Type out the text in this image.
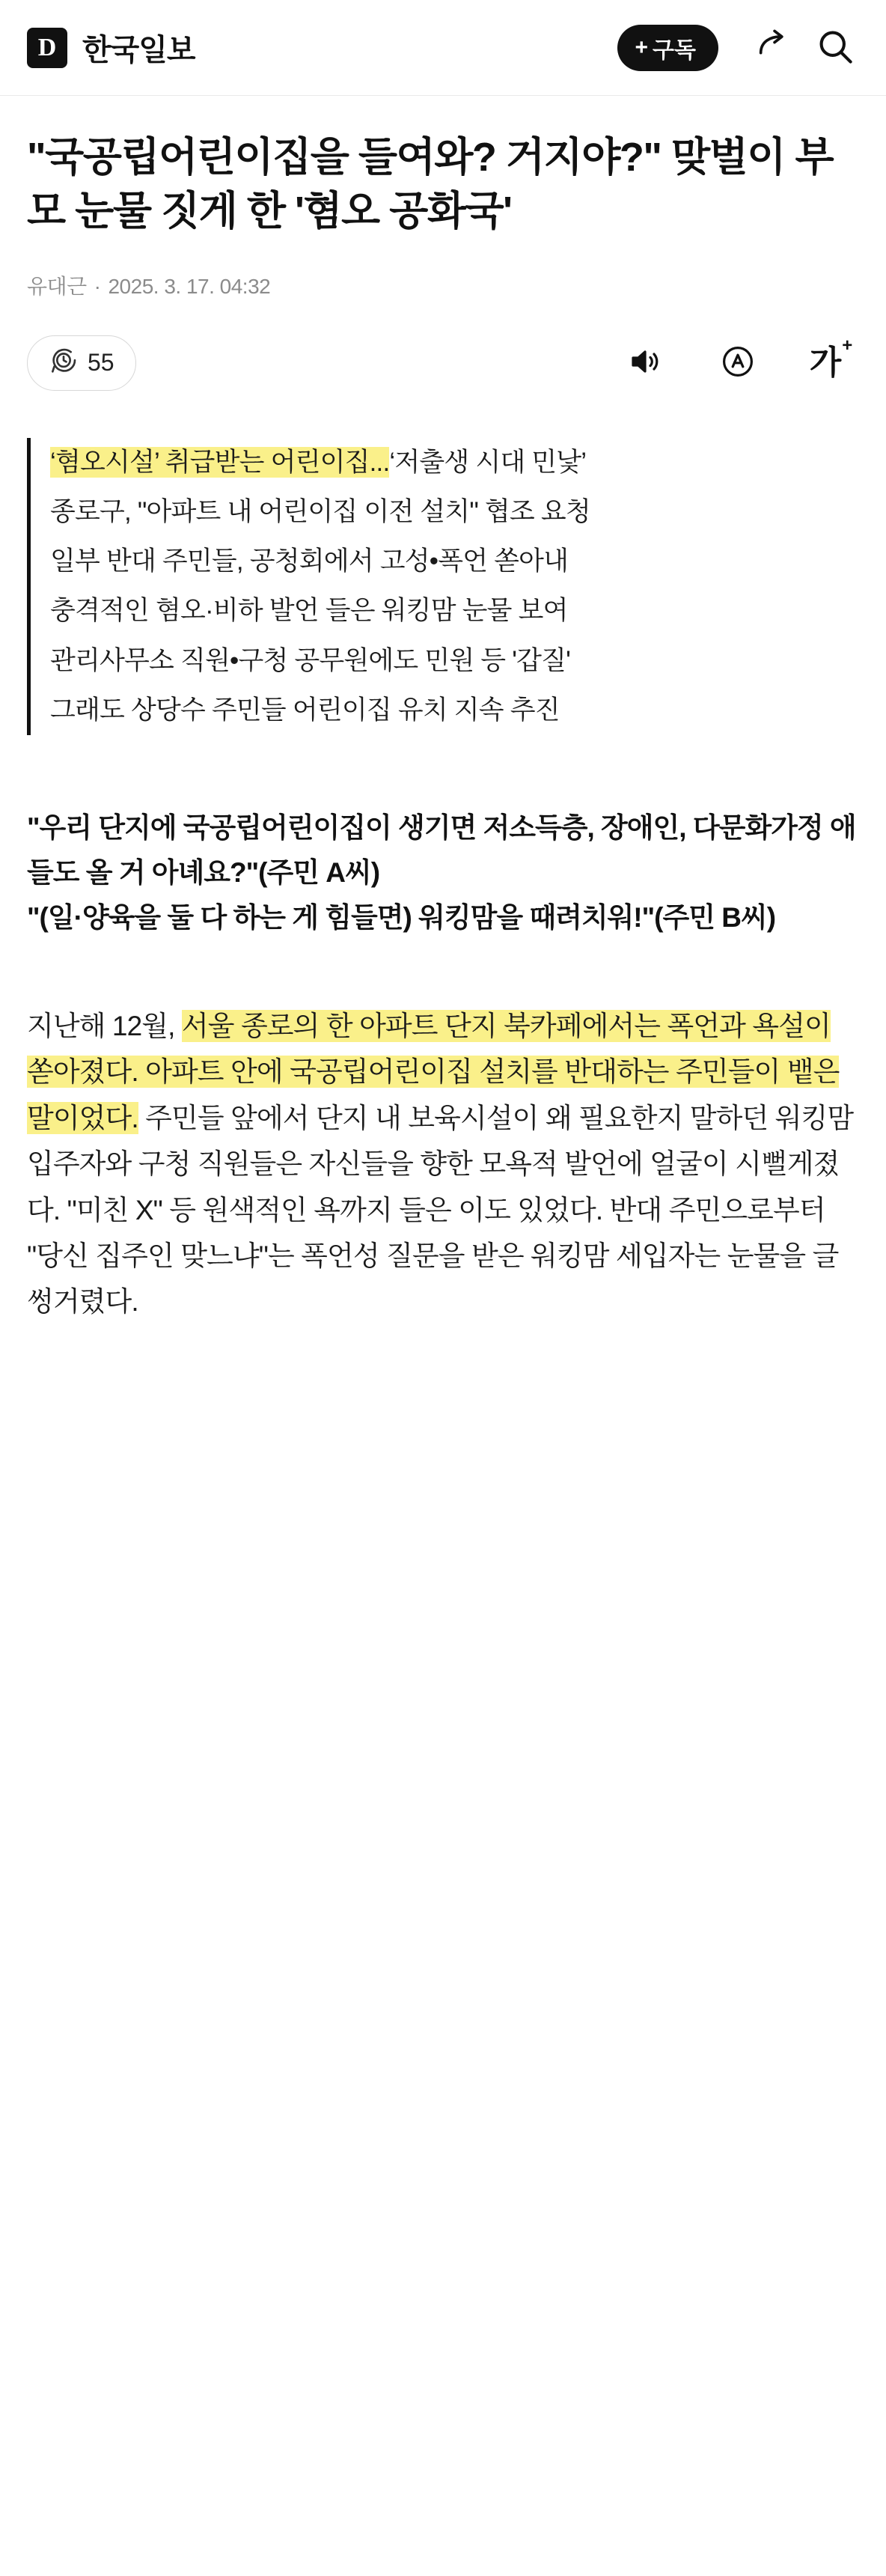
D 한국일보	+ 구독
"국공립어린이집을 들여와? 거지야?" 맞벌이 부모 눈물 짓게 한 '혐오 공화국'
유대근 · 2025. 3. 17. 04:32
55	가+

‘혐오시설’ 취급받는 어린이집...‘저출생 시대 민낯’

종로구, "아파트 내 어린이집 이전 설치" 협조 요청

일부 반대 주민들, 공청회에서 고성•폭언 쏟아내

충격적인 혐오·비하 발언 들은 워킹맘 눈물 보여

관리사무소 직원•구청 공무원에도 민원 등 '갑질'

그래도 상당수 주민들 어린이집 유치 지속 추진

"우리 단지에 국공립어린이집이 생기면 저소득층, 장애인, 다문화가정 애들도 올 거 아녜요?"(주민 A씨)

"(일·양육을 둘 다 하는 게 힘들면) 워킹맘을 때려치워!"(주민 B씨)

지난해 12월, 서울 종로의 한 아파트 단지 북카페에서는 폭언과 욕설이 쏟아졌다. 아파트 안에 국공립어린이집 설치를 반대하는 주민들이 뱉은 말이었다. 주민들 앞에서 단지 내 보육시설이 왜 필요한지 말하던 워킹맘 입주자와 구청 직원들은 자신들을 향한 모욕적 발언에 얼굴이 시뻘게졌다. "미친 X" 등 원색적인 욕까지 들은 이도 있었다. 반대 주민으로부터 "당신 집주인 맞느냐"는 폭언성 질문을 받은 워킹맘 세입자는 눈물을 글썽거렸다.
